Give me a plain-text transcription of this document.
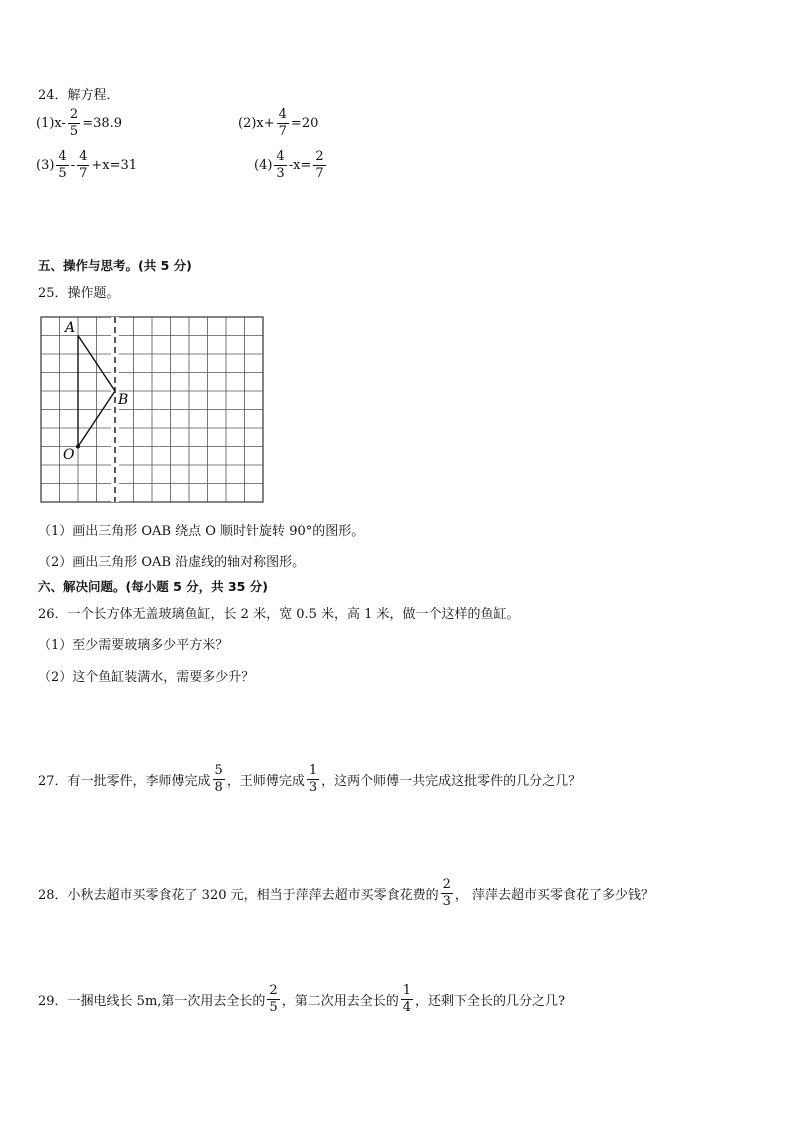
24．解方程．
$(1)x- \frac{2}{5} =38.9$	$(2)x+ \frac{4}{7} =20$
$(3) \frac{4}{5} - \frac{4}{7} +x=31$	$(4) \frac{4}{3} -x= \frac{2}{7}$
五、操作与思考。(共 5 分)
25．操作题。
A
B
O
（1）画出三角形 OAB 绕点 O 顺时针旋转 90°的图形。
（2）画出三角形 OAB 沿虚线的轴对称图形。
六、解决问题。(每小题 5 分，共 35 分)
26．一个长方体无盖玻璃鱼缸，长 2 米，宽 0.5 米，高 1 米，做一个这样的鱼缸。
（1）至少需要玻璃多少平方米？
（2）这个鱼缸装满水，需要多少升？
27．有一批零件，李师傅完成 $\frac{5}{8}$ ，王师傅完成 $\frac{1}{3}$ ，这两个师傅一共完成这批零件的几分之几？
28．小秋去超市买零食花了 320 元，相当于萍萍去超市买零食花费的 $\frac{2}{3}$ ， 萍萍去超市买零食花了多少钱？
29．一捆电线长 5m,第一次用去全长的 $\frac{2}{5}$ ，第二次用去全长的 $\frac{1}{4}$ ，还剩下全长的几分之几?
